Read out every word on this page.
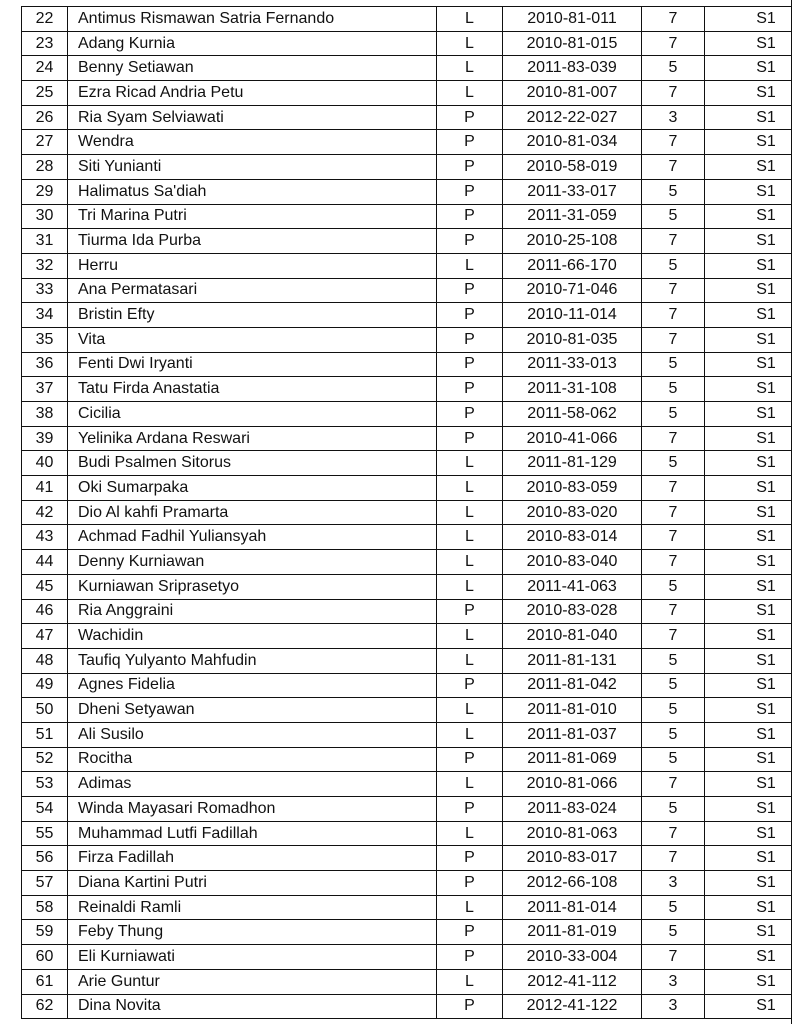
22	Antimus Rismawan Satria Fernando	L	2010-81-011	7	S1
23	Adang Kurnia	L	2010-81-015	7	S1
24	Benny Setiawan	L	2011-83-039	5	S1
25	Ezra Ricad Andria Petu	L	2010-81-007	7	S1
26	Ria Syam Selviawati	P	2012-22-027	3	S1
27	Wendra	P	2010-81-034	7	S1
28	Siti Yunianti	P	2010-58-019	7	S1
29	Halimatus Sa'diah	P	2011-33-017	5	S1
30	Tri Marina Putri	P	2011-31-059	5	S1
31	Tiurma Ida Purba	P	2010-25-108	7	S1
32	Herru	L	2011-66-170	5	S1
33	Ana Permatasari	P	2010-71-046	7	S1
34	Bristin Efty	P	2010-11-014	7	S1
35	Vita	P	2010-81-035	7	S1
36	Fenti Dwi Iryanti	P	2011-33-013	5	S1
37	Tatu Firda Anastatia	P	2011-31-108	5	S1
38	Cicilia	P	2011-58-062	5	S1
39	Yelinika Ardana Reswari	P	2010-41-066	7	S1
40	Budi Psalmen Sitorus	L	2011-81-129	5	S1
41	Oki Sumarpaka	L	2010-83-059	7	S1
42	Dio Al kahfi Pramarta	L	2010-83-020	7	S1
43	Achmad Fadhil Yuliansyah	L	2010-83-014	7	S1
44	Denny Kurniawan	L	2010-83-040	7	S1
45	Kurniawan Sriprasetyo	L	2011-41-063	5	S1
46	Ria Anggraini	P	2010-83-028	7	S1
47	Wachidin	L	2010-81-040	7	S1
48	Taufiq Yulyanto Mahfudin	L	2011-81-131	5	S1
49	Agnes Fidelia	P	2011-81-042	5	S1
50	Dheni Setyawan	L	2011-81-010	5	S1
51	Ali Susilo	L	2011-81-037	5	S1
52	Rocitha	P	2011-81-069	5	S1
53	Adimas	L	2010-81-066	7	S1
54	Winda Mayasari Romadhon	P	2011-83-024	5	S1
55	Muhammad Lutfi Fadillah	L	2010-81-063	7	S1
56	Firza Fadillah	P	2010-83-017	7	S1
57	Diana Kartini Putri	P	2012-66-108	3	S1
58	Reinaldi Ramli	L	2011-81-014	5	S1
59	Feby Thung	P	2011-81-019	5	S1
60	Eli Kurniawati	P	2010-33-004	7	S1
61	Arie Guntur	L	2012-41-112	3	S1
62	Dina Novita	P	2012-41-122	3	S1
